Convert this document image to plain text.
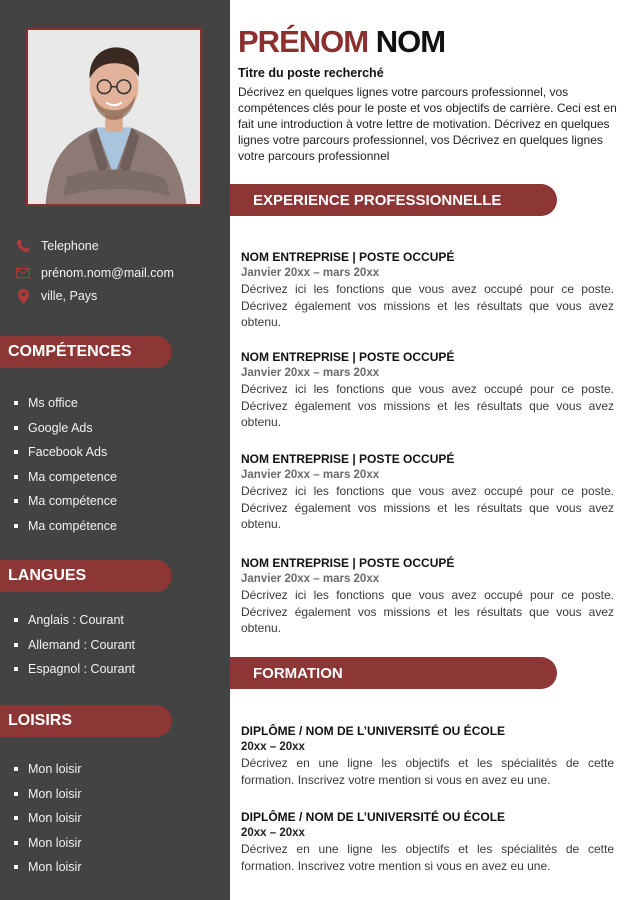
Telephone
prénom.nom@mail.com
ville, Pays
COMPÉTENCES
Ms office
Google Ads
Facebook Ads
Ma competence
Ma compétence
Ma compétence
LANGUES
Anglais : Courant
Allemand : Courant
Espagnol : Courant
LOISIRS
Mon loisir
Mon loisir
Mon loisir
Mon loisir
Mon loisir
PRÉNOM NOM
Titre du poste recherché
Décrivez en quelques lignes votre parcours professionnel, vos compétences clés pour le poste et vos objectifs de carrière. Ceci est en fait une introduction à votre lettre de motivation. Décrivez en quelques lignes votre parcours professionnel, vos Décrivez en quelques lignes votre parcours professionnel
EXPERIENCE PROFESSIONNELLE
NOM ENTREPRISE | POSTE OCCUPÉ
Janvier 20xx – mars 20xx
Décrivez ici les fonctions que vous avez occupé pour ce poste. Décrivez également vos missions et les résultats que vous avez obtenu.
NOM ENTREPRISE | POSTE OCCUPÉ
Janvier 20xx – mars 20xx
Décrivez ici les fonctions que vous avez occupé pour ce poste. Décrivez également vos missions et les résultats que vous avez obtenu.
NOM ENTREPRISE | POSTE OCCUPÉ
Janvier 20xx – mars 20xx
Décrivez ici les fonctions que vous avez occupé pour ce poste. Décrivez également vos missions et les résultats que vous avez obtenu.
NOM ENTREPRISE | POSTE OCCUPÉ
Janvier 20xx – mars 20xx
Décrivez ici les fonctions que vous avez occupé pour ce poste. Décrivez également vos missions et les résultats que vous avez obtenu.
FORMATION
DIPLÔME / NOM DE L’UNIVERSITÉ OU ÉCOLE
20xx – 20xx
Décrivez en une ligne les objectifs et les spécialités de cette formation. Inscrivez votre mention si vous en avez eu une.
DIPLÔME / NOM DE L’UNIVERSITÉ OU ÉCOLE
20xx – 20xx
Décrivez en une ligne les objectifs et les spécialités de cette formation. Inscrivez votre mention si vous en avez eu une.
